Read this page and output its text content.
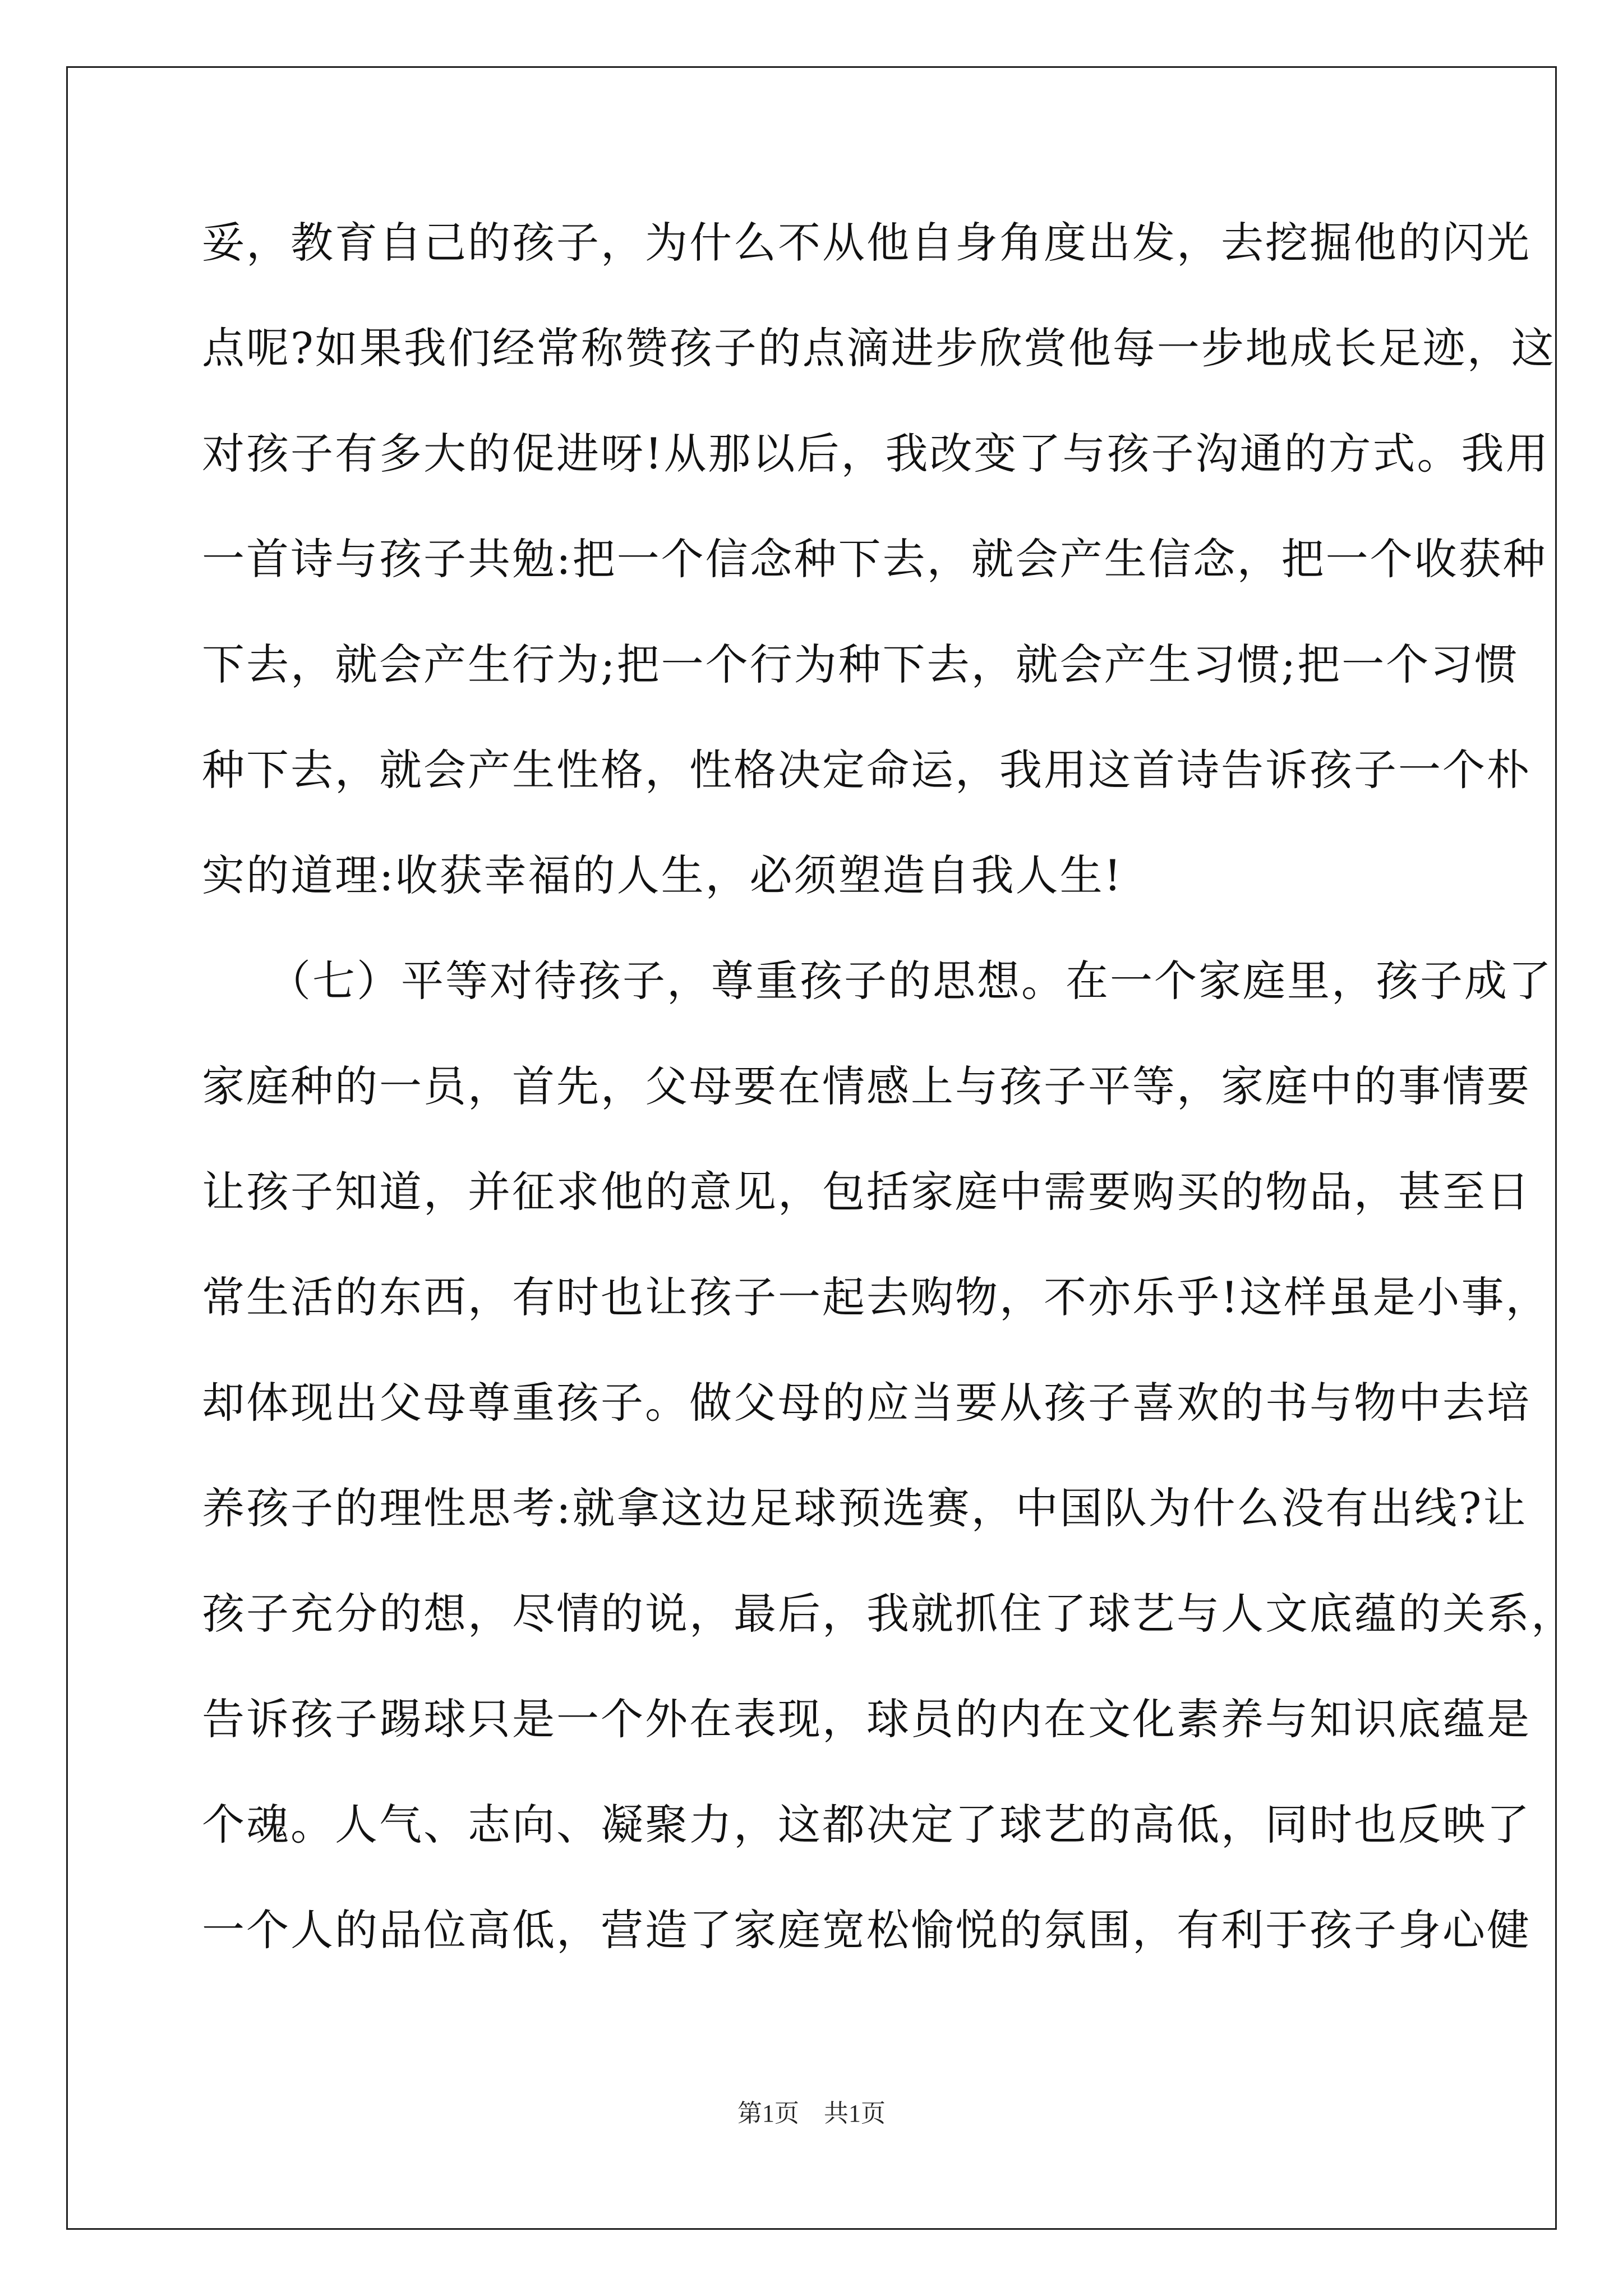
妥，教育自己的孩子，为什么不从他自身角度出发，去挖掘他的闪光
点呢?如果我们经常称赞孩子的点滴进步欣赏他每一步地成长足迹，这
对孩子有多大的促进呀!从那以后，我改变了与孩子沟通的方式。我用
一首诗与孩子共勉:把一个信念种下去，就会产生信念，把一个收获种
下去，就会产生行为;把一个行为种下去，就会产生习惯;把一个习惯
种下去，就会产生性格，性格决定命运，我用这首诗告诉孩子一个朴
实的道理:收获幸福的人生，必须塑造自我人生!
（七）平等对待孩子，尊重孩子的思想。在一个家庭里，孩子成了
家庭种的一员，首先，父母要在情感上与孩子平等，家庭中的事情要
让孩子知道，并征求他的意见，包括家庭中需要购买的物品，甚至日
常生活的东西，有时也让孩子一起去购物，不亦乐乎!这样虽是小事，
却体现出父母尊重孩子。做父母的应当要从孩子喜欢的书与物中去培
养孩子的理性思考:就拿这边足球预选赛，中国队为什么没有出线?让
孩子充分的想，尽情的说，最后，我就抓住了球艺与人文底蕴的关系，
告诉孩子踢球只是一个外在表现，球员的内在文化素养与知识底蕴是
个魂。人气、志向、凝聚力，这都决定了球艺的高低，同时也反映了
一个人的品位高低，营造了家庭宽松愉悦的氛围，有利于孩子身心健
第1页　共1页
